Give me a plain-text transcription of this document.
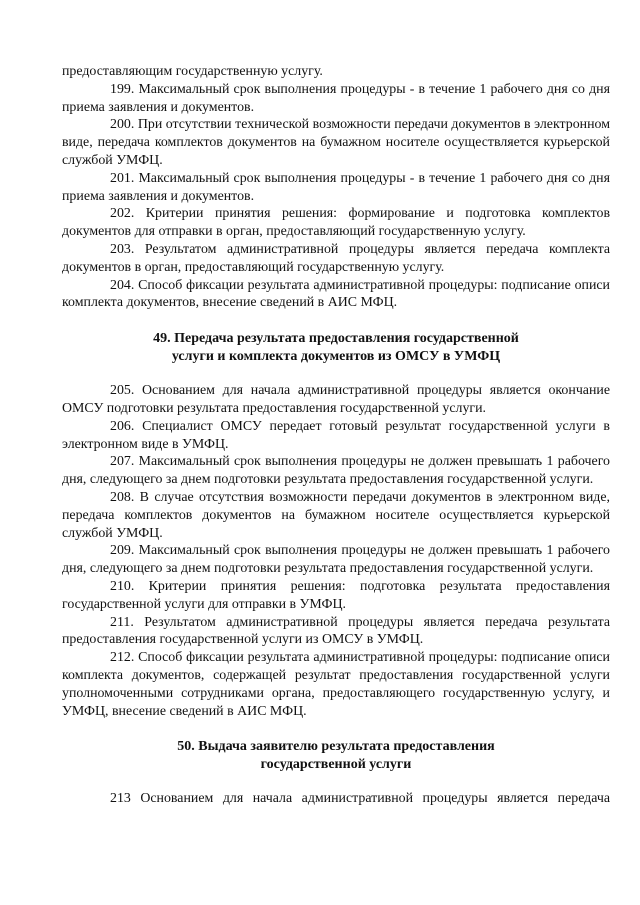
предоставляющим государственную услугу.

199. Максимальный срок выполнения процедуры - в течение 1 рабочего дня со дня приема заявления и документов.

200. При отсутствии технической возможности передачи документов в электронном виде, передача комплектов документов на бумажном носителе осуществляется курьерской службой УМФЦ.

201. Максимальный срок выполнения процедуры - в течение 1 рабочего дня со дня приема заявления и документов.

202. Критерии принятия решения: формирование и подготовка комплектов документов для отправки в орган, предоставляющий государственную услугу.

203. Результатом административной процедуры является передача комплекта документов в орган, предоставляющий государственную услугу.

204. Способ фиксации результата административной процедуры: подписание описи комплекта документов, внесение сведений в АИС МФЦ.

49. Передача результата предоставления государственной
услуги и комплекта документов из ОМСУ в УМФЦ

205. Основанием для начала административной процедуры является окончание ОМСУ подготовки результата предоставления государственной услуги.

206. Специалист ОМСУ передает готовый результат государственной услуги в электронном виде в УМФЦ.

207. Максимальный срок выполнения процедуры не должен превышать 1 рабочего дня, следующего за днем подготовки результата предоставления государственной услуги.

208. В случае отсутствия возможности передачи документов в электронном виде, передача комплектов документов на бумажном носителе осуществляется курьерской службой УМФЦ.

209. Максимальный срок выполнения процедуры не должен превышать 1 рабочего дня, следующего за днем подготовки результата предоставления государственной услуги.

210. Критерии принятия решения: подготовка результата предоставления государственной услуги для отправки в УМФЦ.

211. Результатом административной процедуры является передача результата предоставления государственной услуги из ОМСУ в УМФЦ.

212. Способ фиксации результата административной процедуры: подписание описи комплекта документов, содержащей результат предоставления государственной услуги уполномоченными сотрудниками органа, предоставляющего государственную услугу, и УМФЦ, внесение сведений в АИС МФЦ.

50. Выдача заявителю результата предоставления
государственной услуги

213 Основанием для начала административной процедуры является передача
